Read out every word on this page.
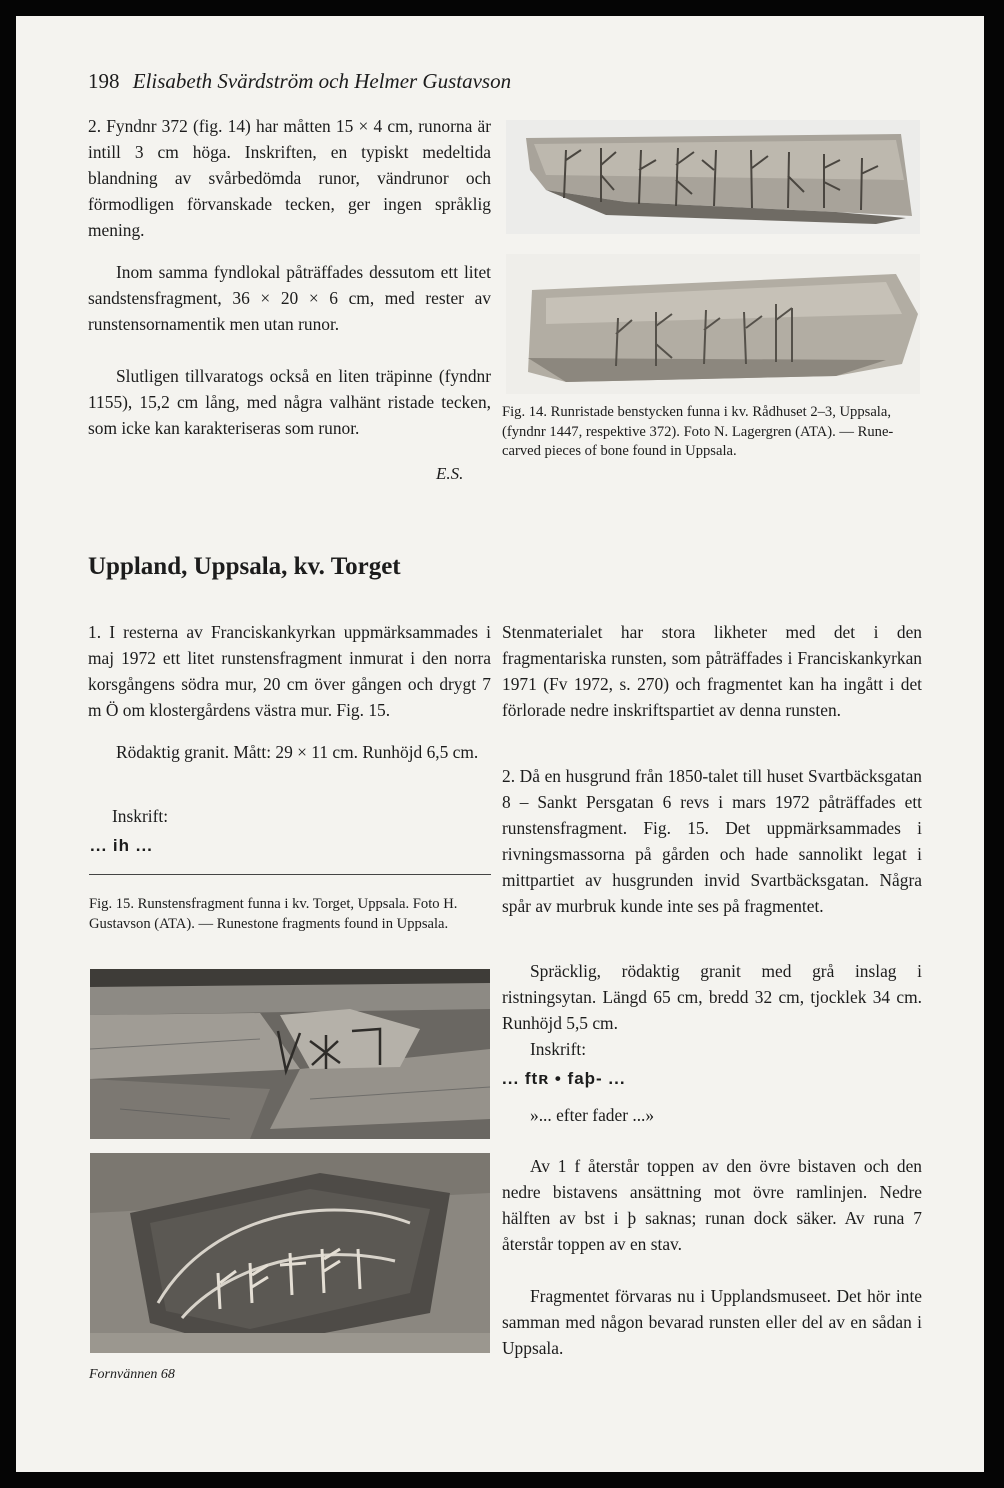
198 Elisabeth Svärdström och Helmer Gustavson

2. Fyndnr 372 (fig. 14) har måtten 15 × 4 cm, runorna är intill 3 cm höga. Inskriften, en typiskt medeltida blandning av svårbedömda runor, vändrunor och förmodligen förvanskade tecken, ger ingen språklig mening.

Inom samma fyndlokal påträffades dessutom ett litet sandstensfragment, 36 × 20 × 6 cm, med rester av runstensornamentik men utan runor.

Slutligen tillvaratogs också en liten träpinne (fyndnr 1155), 15,2 cm lång, med några valhänt ristade tecken, som icke kan karakteriseras som runor.

E.S.

Fig. 14. Runristade benstycken funna i kv. Rådhuset 2–3, Uppsala, (fyndnr 1447, respektive 372). Foto N. Lagergren (ATA). — Rune-carved pieces of bone found in Uppsala.

Uppland, Uppsala, kv. Torget

1. I resterna av Franciskankyrkan uppmärksammades i maj 1972 ett litet runstensfragment inmurat i den norra korsgångens södra mur, 20 cm över gången och drygt 7 m Ö om klostergårdens västra mur. Fig. 15.

Rödaktig granit. Mått: 29 × 11 cm. Runhöjd 6,5 cm.

Inskrift:
... ih ...

Fig. 15. Runstensfragment funna i kv. Torget, Uppsala. Foto H. Gustavson (ATA). — Runestone fragments found in Uppsala.

Stenmaterialet har stora likheter med det i den fragmentariska runsten, som påträffades i Franciskankyrkan 1971 (Fv 1972, s. 270) och fragmentet kan ha ingått i det förlorade nedre inskriftspartiet av denna runsten.

2. Då en husgrund från 1850-talet till huset Svartbäcksgatan 8 – Sankt Persgatan 6 revs i mars 1972 påträffades ett runstensfragment. Fig. 15. Det uppmärksammades i rivningsmassorna på gården och hade sannolikt legat i mittpartiet av husgrunden invid Svartbäcksgatan. Några spår av murbruk kunde inte ses på fragmentet.

Spräcklig, rödaktig granit med grå inslag i ristningsytan. Längd 65 cm, bredd 32 cm, tjocklek 34 cm. Runhöjd 5,5 cm.

Inskrift:
... ftʀ • faþ- ...
»... efter fader ...»

Av 1 f återstår toppen av den övre bistaven och den nedre bistavens ansättning mot övre ramlinjen. Nedre hälften av bst i þ saknas; runan dock säker. Av runa 7 återstår toppen av en stav.

Fragmentet förvaras nu i Upplandsmuseet. Det hör inte samman med någon bevarad runsten eller del av en sådan i Uppsala.

Fornvännen 68
